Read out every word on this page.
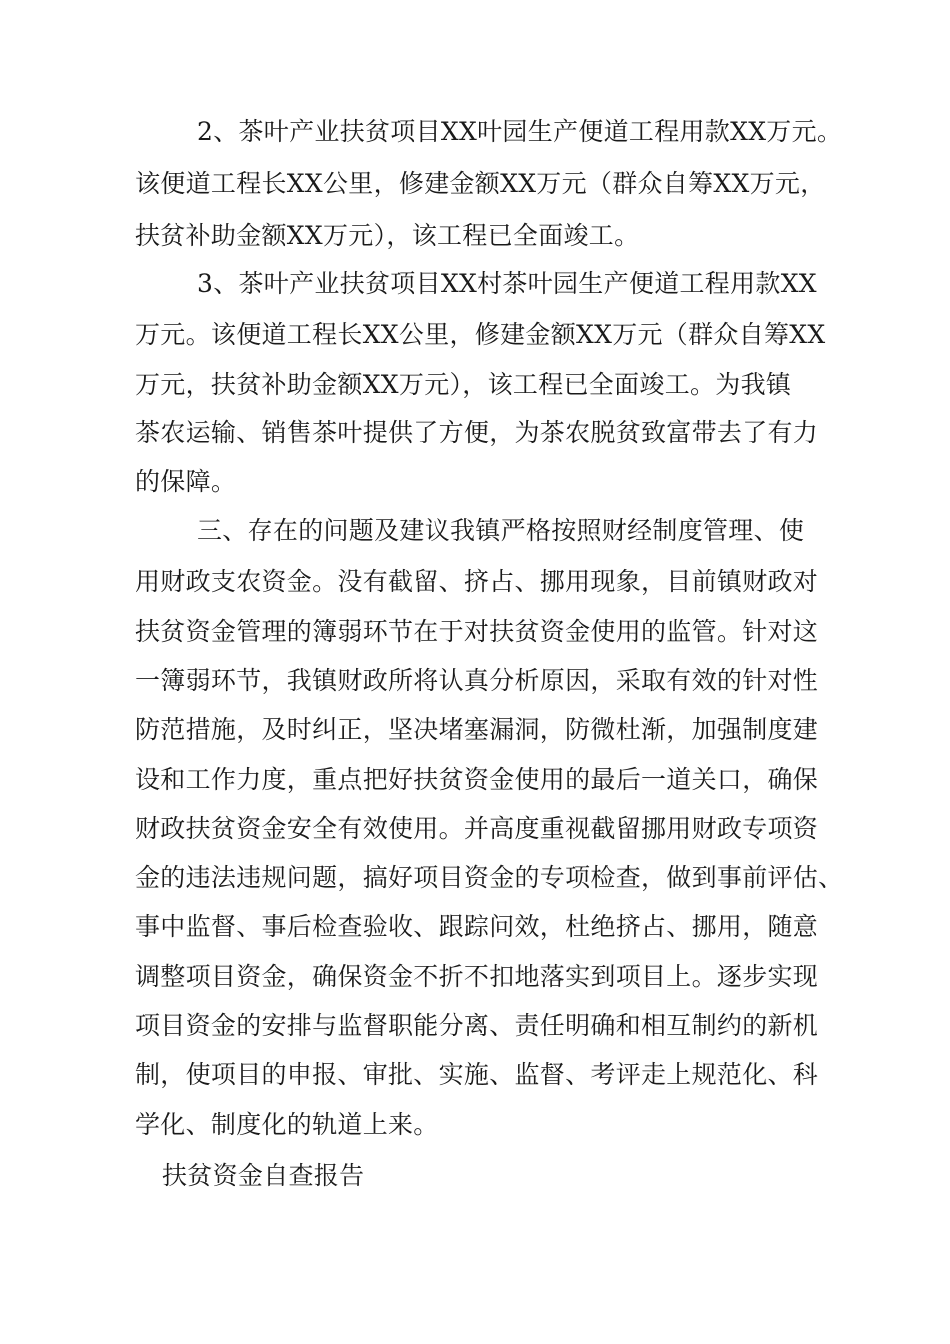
2、茶叶产业扶贫项目XX叶园生产便道工程用款XX万元。
该便道工程长XX公里，修建金额XX万元（群众自筹XX万元，
扶贫补助金额XX万元），该工程已全面竣工。
3、茶叶产业扶贫项目XX村茶叶园生产便道工程用款XX
万元。该便道工程长XX公里，修建金额XX万元（群众自筹XX
万元，扶贫补助金额XX万元），该工程已全面竣工。为我镇
茶农运输、销售茶叶提供了方便，为茶农脱贫致富带去了有力
的保障。
三、存在的问题及建议我镇严格按照财经制度管理、使
用财政支农资金。没有截留、挤占、挪用现象，目前镇财政对
扶贫资金管理的簿弱环节在于对扶贫资金使用的监管。针对这
一簿弱环节，我镇财政所将认真分析原因，采取有效的针对性
防范措施，及时纠正，坚决堵塞漏洞，防微杜渐，加强制度建
设和工作力度，重点把好扶贫资金使用的最后一道关口，确保
财政扶贫资金安全有效使用。并高度重视截留挪用财政专项资
金的违法违规问题，搞好项目资金的专项检查，做到事前评估、
事中监督、事后检查验收、跟踪问效，杜绝挤占、挪用，随意
调整项目资金，确保资金不折不扣地落实到项目上。逐步实现
项目资金的安排与监督职能分离、责任明确和相互制约的新机
制，使项目的申报、审批、实施、监督、考评走上规范化、科
学化、制度化的轨道上来。
扶贫资金自查报告
